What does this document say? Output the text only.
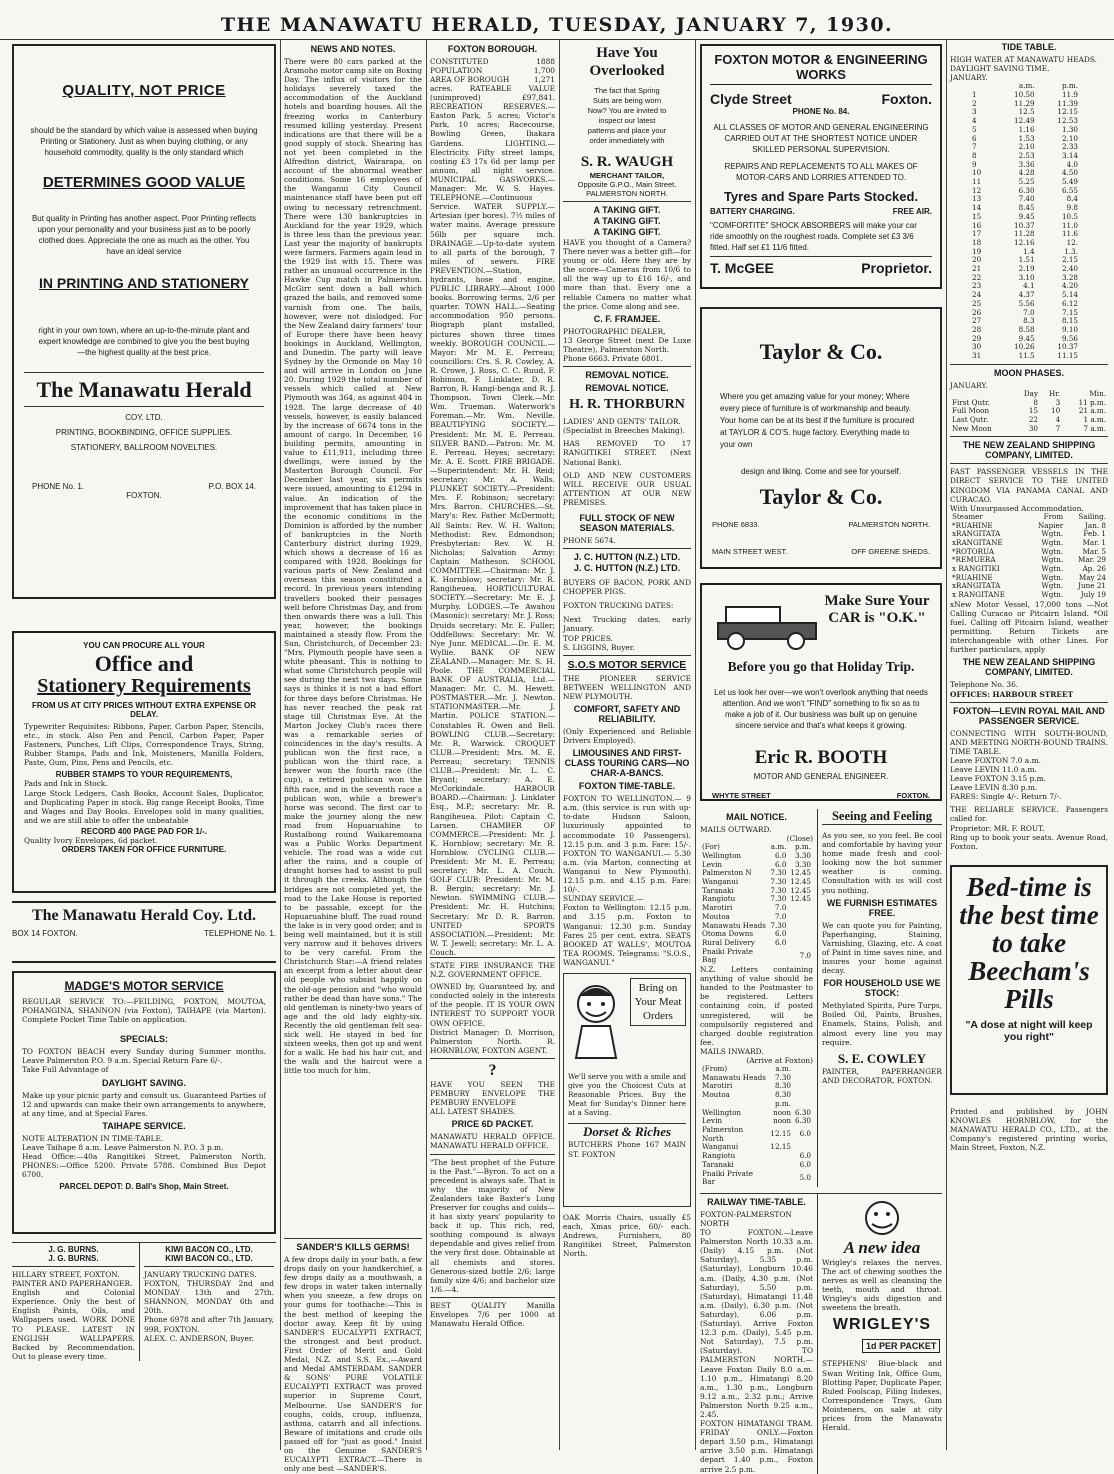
THE MANAWATU HERALD, TUESDAY, JANUARY 7, 1930.
QUALITY, NOT PRICE
should be the standard by which value is assessed when buying Printing or Stationery. Just as when buying clothing, or any household commodity, quality is the only standard which
DETERMINES GOOD VALUE
But quality in Printing has another aspect. Poor Printing reflects upon your personality and your business just as to be poorly clothed does. Appreciate the one as much as the other. You have an ideal service
IN PRINTING AND STATIONERY
right in your own town, where an up-to-the-minute plant and expert knowledge are combined to give you the best buying—the highest quality at the best price.
The Manawatu Herald
COY. LTD.
PRINTING, BOOKBINDING, OFFICE SUPPLIES.
STATIONERY, BALLROOM NOVELTIES.
PHONE No. 1.	P.O. BOX 14.
FOXTON.
YOU CAN PROCURE ALL YOUR
Office and
Stationery Requirements
FROM US AT CITY PRICES WITHOUT EXTRA EXPENSE OR DELAY.
Typewriter Requisites: Ribbons, Paper, Carbon Paper, Stencils, etc., in stock. Also Pen and Pencil, Carbon Paper, Paper Fasteners, Punches, Lift Clips, Correspondence Trays, String, Rubber Stamps, Pads and Ink, Moisteners, Manilla Folders, Paste, Gum, Pins, Pens and Pencils, etc.
RUBBER STAMPS TO YOUR REQUIREMENTS,
Pads and Ink in Stock.
Large Stock Ledgers, Cash Books, Account Sales, Duplicator, and Duplicating Paper in stock. Big range Receipt Books, Time and Wages and Day Books. Envelopes sold in many qualities, and we are still able to offer the unbeatable
RECORD 400 PAGE PAD FOR 1/-.
Quality Ivory Envelopes, 6d packet.
ORDERS TAKEN FOR OFFICE FURNITURE.
The Manawatu Herald Coy. Ltd.
BOX 14 FOXTON.	TELEPHONE No. 1.
MADGE'S MOTOR SERVICE
REGULAR SERVICE TO:—FEILDING, FOXTON, MOUTOA, POHANGINA, SHANNON (via Foxton), TAIHAPE (via Marton). Complete Pocket Time Table on application.
SPECIALS:
TO FOXTON BEACH every Sunday during Summer months. Leave Palmerston P.O. 9 a.m. Special Return Fare 6/-.
Take Full Advantage of
DAYLIGHT SAVING.
Make up your picnic party and consult us. Guaranteed Parties of 12 and upwards can make their own arrangements to anywhere, at any time, and at Special Fares.
TAIHAPE SERVICE.
NOTE ALTERATION IN TIME-TABLE.
Leave Taihape 8 a.m. Leave Palmerston N. P.O. 3 p.m.
Head Office:—40a Rangitikei Street, Palmerston North. PHONES:—Office 5200. Private 5788. Combined Bus Depot 6700.
PARCEL DEPOT: D. Ball's Shop, Main Street.
J. G. BURNS.
J. G. BURNS.
HILLARY STREET, FOXTON.
PAINTER AND PAPERHANGER.
English and Colonial Experience. Only the best of English Paints, Oils, and Wallpapers used. WORK DONE TO PLEASE. LATEST IN ENGLISH WALLPAPERS. Backed by Recommendation. Out to please every time.
KIWI BACON CO., LTD.
KIWI BACON CO., LTD.
JANUARY TRUCKING DATES.
FOXTON, THURSDAY 2nd and MONDAY 13th and 27th. SHANNON, MONDAY 6th and 20th.
Phone 6978 and after 7th January, 99R, FOXTON.
ALEX. C. ANDERSON, Buyer.
NEWS AND NOTES.
There were 80 cars parked at the Aramoho motor camp site on Boxing Day. The influx of visitors for the holidays severely taxed the accommodation of the Auckland hotels and boarding houses. All the freezing works in Canterbury resumed killing yesterday. Present indications are that there will be a good supply of stock. Shearing has not yet been completed in the Alfredton district, Wairarapa, on account of the abnormal weather conditions. Some 16 employees of the Wanganui City Council maintenance staff have been put off owing to necessary retrenchment. There were 130 bankruptcies in Auckland for the year 1929, which is three less than the previous year. Last year the majority of bankrupts were farmers. Farmers again lead in the 1929 list with 15. There was rather an unusual occurrence in the Hawke Cup match in Palmerston. McGirr sent down a ball which grazed the bails, and removed some varnish from one. The bails, however, were not dislodged. For the New Zealand dairy farmers' tour of Europe there have been heavy bookings in Auckland, Wellington, and Dunedin. The party will leave Sydney by the Ormonde on May 10 and will arrive in London on June 20. During 1929 the total number of vessels which called at New Plymouth was 364, as against 404 in 1928. The large decrease of 40 vessels, however, is easily balanced by the increase of 6674 tons in the amount of cargo. In December, 16 building permits, amounting in value to £11,911, including three dwellings, were issued by the Masterton Borough Council. For December last year, six permits were issued, amounting to £1294 in value. An indication of the improvement that has taken place in the economic conditions in the Dominion is afforded by the number of bankruptcies in the North Canterbury district during 1929, which shows a decrease of 16 as compared with 1928. Bookings for various parts of New Zealand and overseas this season constituted a record. In previous years intending travellers booked their passages well before Christmas Day, and from then onwards there was a lull. This year, however, the bookings maintained a steady flow. From the Sun, Christchurch, of December 23: "Mrs. Plymouth people have seen a white pheasant. This is nothing to what some Christchurch people will see during the next two days. Some says is thinks it is not a bad effort for three days before Christmas. He has never reached the peak rat stage till Christmas Eve. At the Marton Jockey Club's races there was a remarkable series of coincidences in the day's results. A publican won the first race, a publican won the third race, a brewer won the fourth race (the cup), a retired publican won the fifth race, and in the seventh race a publican won, while a brewer's horse was second. The first car to make the journey along the new road from Hopuaruahine to Rustalbong round Waikaremoana was a Public Works Department vehicle. The road was a wide cut after the rains, and a couple of dranght horses had to assist to pull it through the creeks. Although the bridges are not completed yet, the road to the Lake House is reported to be passable, except for the Hopuaruahine bluff. The road round the lake is in very good order, and is being well maintained, but it is still very narrow and it behoves drivers to be very careful. From the Christchurch Star:—A friend relates an excerpt from a letter about dear old people who subsist happily on the old-age pension and "who would rather be dead than have sons." The old gentleman is ninety-two years of age and the old lady eighty-six. Recently the old gentleman felt sea-sick well. He stayed in bed for sixteen weeks, then got up and went for a walk. He had his hair cut, and the walk and the haircut were a little too much for him.
SANDER'S KILLS GERMS!
A few drops daily in your bath, a few drops daily on your handkerchief, a few drops daily as a mouthwash, a few drops in water taken internally when you sneeze, a few drops on your gums for toothache:—This is the best method of keeping the doctor away. Keep fit by using SANDER'S EUCALYPTI EXTRACT, the strongest and best product. First Order of Merit and Gold Medal, N.Z. and S.S. Ex.,—Award and Medal AMSTERDAM. SANDER & SONS' PURE VOLATILE EUCALYPTI EXTRACT was proved superior in Supreme Court, Melbourne. Use SANDER'S for coughs, colds, croup, influenza, asthma, catarrh and all infections. Beware of imitations and crude oils passed off for "just as good." Insist on the Genuine SANDER'S EUCALYPTI EXTRACT.—There is only one best —SANDER'S.
FOXTON BOROUGH.
CONSTITUTED	1888
POPULATION	1,700
AREA OF BOROUGH	1,271
acres. RATEABLE VALUE (unimproved) £97,841. RECREATION RESERVES.—Easton Park, 5 acres; Victor's Park, 10 acres; Racecourse, Bowling Green, Ihakara Gardens. LIGHTING.—Electricity. Fifty street lamps, costing £3 17s 6d per lamp per annum, all night service. MUNICIPAL GASWORKS.—Manager: Mr. W. S. Hayes. TELEPHONE.—Continuous Service. WATER SUPPLY.—Artesian (per bores). 7½ miles of water mains. Average pressure 56lb per square inch. DRAINAGE.—Up-to-date system to all parts of the borough, 7 miles of sewers. FIRE PREVENTION.—Station, hydrants, hose and engine. PUBLIC LIBRARY.—About 1000 books. Borrowing terms, 2/6 per quarter. TOWN HALL.—Seating accommodation 950 persons. Biograph plant installed, pictures shown three times weekly. BOROUGH COUNCIL.—Mayor: Mr M. E. Perreau; councillors: Crs. S. R. Cowley, A. R. Crowe, J. Ross, C. C. Ruud, F. Robinson, F. Linklater, D. R. Barron, R. Hangi-benga and R. J. Thompson. Town Clerk.—Mr. Wm. Trueman. Waterwork's Foreman.—Mr. Wm. Neville. BEAUTIFYING SOCIETY.—President: Mr. M. E. Perreau. SILVER BAND.—Patron: Mr. M. E. Perreau. Heyes; secretary: Mr. A. E. Scott. FIRE BRIGADE.—Superintendent: Mr. H. Reid; secretary: Mr. A. Walls. PLUNKET SOCIETY.—President: Mrs. F. Robinson; secretary: Mrs. Barron. CHURCHES.—St. Mary's: Rev. Father McDermott; All Saints: Rev. W. H. Walton; Methodist: Rev. Edmondson; Presbyterian: Rev. W. H. Nicholas; Salvation Army: Captain Matheson. SCHOOL COMMITTEE.—Chairman: Mr. J. K. Hornblow; secretary: Mr. R. Rangiheuea. HORTICULTURAL SOCIETY.—Secretary: Mr. E. J. Murphy. LODGES.—Te Awahou (Masonic): secretary: Mr. J. Ross; Druids secretary: Mr. E. Fuller; Oddfellows: Secretary: Mr. W. Nye Junr. MEDICAL.—Dr. E. M. Wyllie. BANK OF NEW ZEALAND.—Manager: Mr. S. H. Poole. THE COMMERCIAL BANK OF AUSTRALIA, Ltd.—Manager: Mr. C. M. Hewett. POSTMASTER.—Mr. J. Newton. STATIONMASTER.—Mr. J. Martin. POLICE STATION.—Constables R. Owen and Bell. BOWLING CLUB.—Secretary: Mr. R. Warwick. CROQUET CLUB.—President: Mrs. M. E. Perreau; secretary: TENNIS CLUB.—President: Mr. L. C. Bryant; secretary: A. E. McCorkindale. HARBOUR BOARD.—Chairman: J. Linklater Esq., M.P.; secretary: Mr. R. Rangiheuea. Pilot: Captain C. Larsen. CHAMBER OF COMMERCE.—President: Mr. J. K. Hornblow; secretary: Mr. R. Hornblow. CYCLING CLUB.—President: Mr M. E. Perreau; secretary: Mr. L. A. Couch. GOLF CLUB: President: Mr. M. B. Bergin; secretary: Mr. J. Newton. SWIMMING CLUB.—President: Mr. H. Hutchins; Secretary: Mr D. R. Barron. UNITED SPORTS ASSOCIATION.—President: Mr. W. T. Jewell; secretary: Mr. L. A. Couch.
STATE FIRE INSURANCE THE N.Z. GOVERNMENT OFFICE.
OWNED by, Guaranteed by, and conducted solely in the interests of the people. IT IS YOUR OWN INTEREST TO SUPPORT YOUR OWN OFFICE.
District Manager: D. Morrison, Palmerston North. R. HORNBLOW, FOXTON AGENT.
?
HAVE YOU SEEN THE PEMBURY ENVELOPE THE PEMBURY ENVELOPE
ALL LATEST SHADES.
PRICE 6D PACKET.
MANAWATU HERALD OFFICE. MANAWATU HERALD OFFICE.
"The best prophet of the Future is the Past."—Byron. To act on a precedent is always safe. That is why the majority of New Zealanders take Baxter's Lung Preserver for coughs and colds—it has sixty years' popularity to back it up. This rich, red, soothing compound is always dependable and gives relief from the very first dose. Obtainable at all chemists and stores. Generous-sized bottle 2/6; large family size 4/6; and bachelor size 1/6.—4.
BEST QUALITY Manilla Envelopes 7/6 per 1000 at Manawatu Herald Office.
Have You Overlooked
The fact that Spring Suits are being worn Now? You are invited to inspect our latest patterns and place your order immediately with
S. R. WAUGH
MERCHANT TAILOR,
Opposite G.P.O., Main Street.
PALMERSTON NORTH.
A TAKING GIFT.
A TAKING GIFT.
A TAKING GIFT.
HAVE you thought of a Camera? There never was a better gift—for young or old. Here they are by the score—Cameras from 10/6 to all the way up to £16 16/-, and more than that. Every one a reliable Camera no matter what the price. Come along and see.
C. F. FRAMJEE.
PHOTOGRAPHIC DEALER,
13 George Street (next De Luxe Theatre), Palmerston North.
Phone 6663. Private 6801.
REMOVAL NOTICE.
REMOVAL NOTICE.
H. R. THORBURN
LADIES' AND GENTS' TAILOR.
(Specialist in Breeches Making).
HAS REMOVED TO 17 RANGITIKEI STREET. (Next National Bank).
OLD AND NEW CUSTOMERS WILL RECEIVE OUR USUAL ATTENTION AT OUR NEW PREMISES.
FULL STOCK OF NEW SEASON MATERIALS.
PHONE 5674.
J. C. HUTTON (N.Z.) LTD.
J. C. HUTTON (N.Z.) LTD.
BUYERS OF BACON, PORK AND CHOPPER PIGS.
FOXTON TRUCKING DATES:
Next Trucking dates, early January.
TOP PRICES.
S. LIGGINS, Buyer.
S.O.S MOTOR SERVICE
THE PIONEER SERVICE BETWEEN WELLINGTON AND NEW PLYMOUTH.
COMFORT, SAFETY AND RELIABILITY.
(Only Experienced and Reliable Drivers Employed).
LIMOUSINES AND FIRST-CLASS TOURING CARS—NO CHAR-A-BANCS.
FOXTON TIME-TABLE.
FOXTON TO WELLINGTON.— 9 a.m. (this service is run with up-to-date Hudson Saloon, luxuriously appointed to accommodate 10 Passengers). 12.15 p.m. and 3 p.m. Fare: 15/-. FOXTON TO WANGANUI.— 5.30 a.m. (via Marton, connecting at Wanganui to New Plymouth). 12.15 p.m. and 4.15 p.m. Fare: 10/-.
SUNDAY SERVICE.—
Foxton to Wellington: 12.15 p.m. and 3.15 p.m. Foxton to Wanganui: 12.30 p.m. Sunday Fares 25 per cent. extra. SEATS BOOKED AT WALLS', MOUTOA TEA ROOMS. Telegrams: "S.O.S., WANGANUI."
Bring on Your Meat Orders
We'll serve you with a smile and give you the Choicest Cuts at Reasonable Prices. Buy the Meat for Sunday's Dinner here at a Saving.
Dorset & Riches
BUTCHERS Phone 167 MAIN ST. FOXTON
OAK Morris Chairs, usually £5 each, Xmas price, 60/- each. Andrews, Furnishers, 80 Rangitikei Street, Palmerston North.
FOXTON MOTOR & ENGINEERING WORKS
Clyde Street	Foxton.
PHONE No. 84.
ALL CLASSES OF MOTOR AND GENERAL ENGINEERING CARRIED OUT AT THE SHORTEST NOTICE UNDER SKILLED PERSONAL SUPERVISION.
REPAIRS AND REPLACEMENTS TO ALL MAKES OF MOTOR-CARS AND LORRIES ATTENDED TO.
Tyres and Spare Parts Stocked.
BATTERY CHARGING.	FREE AIR.
"COMFORTITE" SHOCK ABSORBERS will make your car ride smoothly on the roughest roads. Complete set £3 3/6 fitted. Half set £1 11/6 fitted.
T. McGEE	Proprietor.
Taylor & Co.
Where you get amazing value for your money; Where every piece of furniture is of workmanship and beauty. Your home can be at its best if the furniture is procured at TAYLOR & CO'S. huge factory. Everything made to your own
design and liking. Come and see for yourself.
Taylor & Co.
PHONE 6833.	PALMERSTON NORTH.
MAIN STREET WEST.	OFF GREENE SHEDS.
Make Sure Your CAR is "O.K."
Before you go that Holiday Trip.
Let us look her over—we won't overlook anything that needs attention. And we won't "FIND" something to fix so as to make a job of it. Our business was built up on genuine sincere service and that's what keeps it growing.
Eric R. BOOTH
MOTOR AND GENERAL ENGINEER.
WHYTE STREET	FOXTON.
MAIL NOTICE.
MAILS OUTWARD.
(Close)
(For)	a.m.	p.m.
Wellington	6.0	3.30
Levin	6.0	3.30
Palmerston N	7.30	12.45
Wanganui	7.30	12.45
Taranaki	7.30	12.45
Rangiotu	7.30	12.45
Marotiri	7.0	
Moutoa	7.0	
Manawatu Heads	7.30	
Otoma Downs	6.0	
Rural Delivery	6.0	
Pnaiki Private Bag		7.0
N.Z. Letters containing anything of value should be handed to the Postmaster to be registered. Letters containing coin, if posted unregistered, will be compulsorily registered and charged double registration fee.
MAILS INWARD.
(Arrive at Foxton)
(From)	a.m.	
Manawatu Heads	7.30	
Marotiri	8.30	
Moutoa	8.30	
	p.m.	
Wellington	noon	6.30
Levin	noon	6.30
Palmerston North	12.15	6.0
Wanganui	12.15	
Rangiotu		6.0
Taranaki		6.0
Pnaiki Private Bar		5.0
Seeing and Feeling
As you see, so you feel. Be cool and comfortable by having your home made fresh and cool-looking now the hot summer weather is coming. Consultation with us will cost you nothing.
WE FURNISH ESTIMATES FREE.
We can quote you for Painting, Paperhanging, Staining, Varnishing, Glazing, etc. A coat of Paint in time saves nine, and insures your home against decay.
FOR HOUSEHOLD USE WE STOCK:
Methylated Spirits, Pure Turps, Boiled Oil, Paints, Brushes, Enamels, Stains, Polish, and almost every line you may require.
S. E. COWLEY
PAINTER, PAPERHANGER AND DECORATOR, FOXTON.
RAILWAY TIME-TABLE.
FOXTON-PALMERSTON NORTH
TO FOXTON.—Leave Palmerston North 10.33 a.m. (Daily) 4.15 p.m. (Not Saturday), 5.35 p.m. (Saturday), Longburn 10.46 a.m. (Daily, 4.30 p.m. (Not Saturday), 5.50 p.m. (Saturday), Himatangi 11.48 a.m. (Daily), 6.30 p.m. (Not Saturday), 6.06 p.m. (Saturday). Arrive Foxton 12.3 p.m. (Daily), 5.45 p.m. Not Saturday), 7.5 p.m. (Saturday). TO PALMERSTON NORTH.—Leave Foxton Daily 8.0 a.m. 1.10 p.m., Himatangi 8.20 a.m., 1.30 p.m., Longburn 9.12 a.m., 2.32 p.m.; Arrive Palmerston North 9.25 a.m., 2.45.
FOXTON HIMATANGI TRAM. FRIDAY ONLY.—Foxton depart 3.50 p.m., Himatangi arrive 3.50 p.m. Himatangi depart 1.40 p.m., Foxton arrive 2.5 p.m.
A new idea
Wrigley's relaxes the nerves. The act of chewing soothes the nerves as well as cleansing the teeth, mouth and throat. Wrigley's aids digestion and sweetens the breath.
WRIGLEY'S
1d PER PACKET
STEPHENS' Blue-black and Swan Writing Ink, Office Gum, Blotting Paper, Duplicate Paper, Ruled Foolscap, Filing Indexes, Correspondence Trays, Gum Moisteners, on sale at city prices from the Manawatu Herald.
TIDE TABLE.
HIGH WATER AT MANAWATU HEADS.
DAYLIGHT SAVING TIME.
JANUARY.
	a.m.	p.m.
1	10.50	11.9
2	11.29	11.39
3	12.5	12.15
4	12.49	12.53
5	1.16	1.30
6	1.53	2.10
7	2.10	2.33
8	2.53	3.14
9	3.36	4.0
10	4.28	4.50
11	5.25	5.49
12	6.30	6.55
13	7.40	8.4
14	8.45	9.8
15	9.45	10.5
16	10.37	11.0
17	11.28	11.6
18	12.16	12.
19	1.4	1.3.
20	1.51	2.15
21	2.19	2.40
22	3.10	3.28
23	4.1	4.20
24	4.37	5.14
25	5.56	6.12
26	7.0	7.15
27	8.3	8.15
28	8.58	9.10
29	9.45	9.56
30	10.26	10.37
31	11.5	11.15
MOON PHASES.
JANUARY.
	Day	Hr.	Min.
First Qutr.	8	3	11 p.m.
Full Moon	15	10	21 a.m.
Last Qutr.	22	4	1 a.m.
New Moon	30	7	7 a.m.
THE NEW ZEALAND SHIPPING COMPANY, LIMITED.
FAST PASSENGER VESSELS IN THE DIRECT SERVICE TO THE UNITED KINGDOM VIA PANAMA CANAL AND CURACAO.
With Unsurpassed Accommodation.
Steamer	From	Sailing.
*RUAHINE	Napier	Jan. 8
xRANGITATA	Wgtn.	Feb. 1
xRANGITANE	Wgtn.	Mar. 1
*ROTORUA	Wgtn.	Mar. 5
*REMUERA	Wgtn.	Mar. 29
x RANGITIKI	Wgtn.	Ap. 26
*RUAHINE	Wgtn.	May 24
xRANGITATA	Wgtn.	June 21
x RANGITANE	Wgtn.	July 19
xNew Motor Vessel, 17,000 tons —Not Calling Curacao or Pitcairn Island. *Oil fuel. Calling off Pitcairn Island, weather permitting. Return Tickets are interchangeable with other Lines. For further particulars, apply
THE NEW ZEALAND SHIPPING COMPANY, LIMITED.
Telephone No. 36.
OFFICES: HARBOUR STREET
FOXTON—LEVIN ROYAL MAIL AND PASSENGER SERVICE.
CONNECTING WITH SOUTH-BOUND, AND MEETING NORTH-BOUND TRAINS.
TIME TABLE.
Leave FOXTON 7.0 a.m.
Leave LEVIN 11.0 a.m.
Leave FOXTON 3.15 p.m.
Leave LEVIN 8.30 p.m.
FARES: Single 4/-. Return 7/-.
THE RELIABLE SERVICE. Passengers called for.
Proprietor: MR. F. ROUT.
Ring up to book your seats. Avenue Road, Foxton.
Bed-time is the best time to take Beecham's Pills
"A dose at night will keep you right"
Printed and published by JOHN KNOWLES HORNBLOW, for the MANAWATU HERALD CO., LTD., at the Company's registered printing works, Main Street, Foxton, N.Z.
